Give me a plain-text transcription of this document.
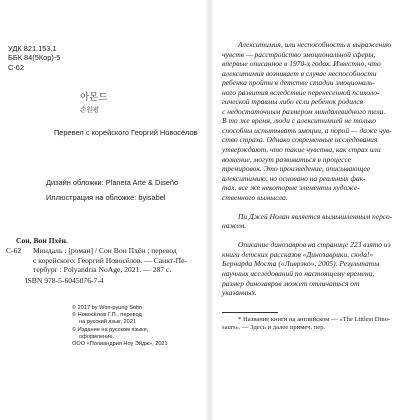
УДК 821.153.1
ББК 84(5Кор)-5
С-62
아몬드
손원평
Перевел с корейского Георгий Новосёлов
Дизайн обложки: Planeta Arte & Diseño
Иллюстрация на обложке: byisabel
Сон, Вон Пхён.
С-62	Миндаль : [роман] / Сон Вон Пхён ; перевод
с корейского: Георгий Новосёлов. — Санкт-Пе-
тербург : Polyandria NoAge, 2021. — 287 с.
ISBN 978-5-6045076-7-4
© 2017 by Won-pyung Sohn
© Новосёлов Г.П., перевод
на русский язык, 2021
© Издание на русском языке,
оформление.
ООО «Полиандрия Ноу Эйдж», 2021
Алекситимия, или неспособность к выражению
чувств — расстройство эмоциональной сферы,
впервые описанное в 1970-х годах. Известно, что
алекситимия возникает в случае неспособности
ребенка пройти в детстве стадии эмоциональ-
ного развития вследствие перенесенной психоло-
гической травмы либо если ребенок родился
с недостаточным размером миндалевидного тела.
В то же время, люди с алекситимией не только
способны испытывать эмоции, а порой — даже чув-
ство страха. Однако современные исследования
утверждают, что такие чувства, как страх или
волнение, могут развиваться в процессе
тренировок. Это произведение, описывающее
алекситимию, но основано на реальных фак-
тах, все же некоторые элементы художе-
ственного вымысла.
Пи Джей Нолан является вымышленным персо-
нажем.
Описание динозавров на странице 223 взято из
книги детских рассказов «Динозаврики, сюда!»
Бернарда Моста («Ливрэко», 2005). Результаты
научных исследований по настоящему времени,
размер динозавров может отличаться от
указанных.
* Название книги на английском — «The Littlest Dino-
saurs». — Здесь и далее примеч. пер.
